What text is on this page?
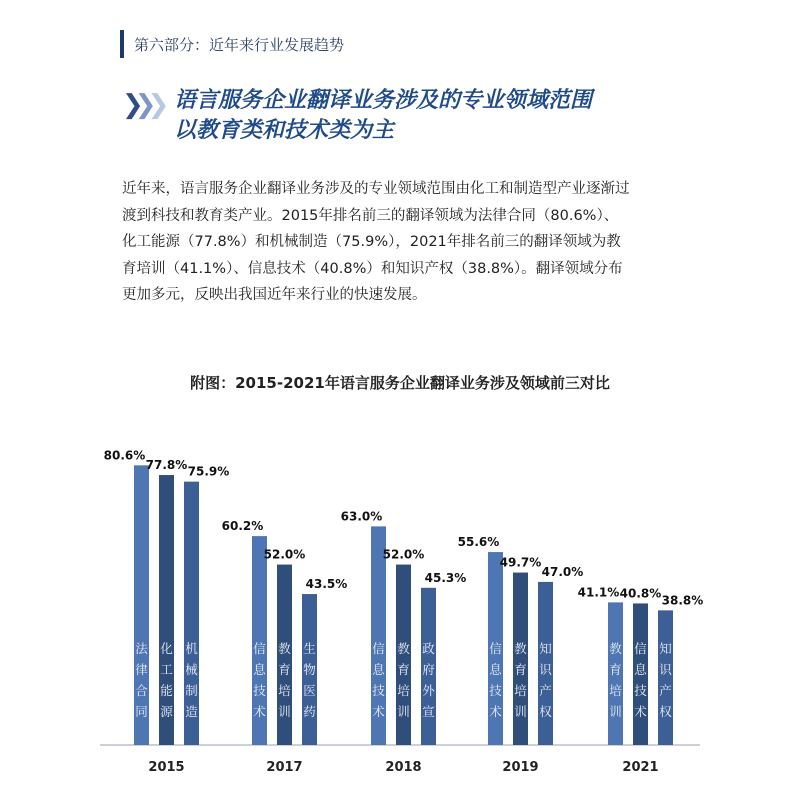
第六部分：近年来行业发展趋势
❯❯❯ 语言服务企业翻译业务涉及的专业领域范围
以教育类和技术类为主
近年来，语言服务企业翻译业务涉及的专业领域范围由化工和制造型产业逐渐过
渡到科技和教育类产业。2015年排名前三的翻译领域为法律合同（80.6%）、
化工能源（77.8%）和机械制造（75.9%），2021年排名前三的翻译领域为教
育培训（41.1%）、信息技术（40.8%）和知识产权（38.8%）。翻译领域分布
更加多元，反映出我国近年来行业的快速发展。
附图：2015-2021年语言服务企业翻译业务涉及领域前三对比
80.6%
法
律
合
同
77.8%
化
工
能
源
75.9%
机
械
制
造
2015
60.2%
信
息
技
术
52.0%
教
育
培
训
43.5%
生
物
医
药
2017
63.0%
信
息
技
术
52.0%
教
育
培
训
45.3%
政
府
外
宣
2018
55.6%
信
息
技
术
49.7%
教
育
培
训
47.0%
知
识
产
权
2019
41.1%
教
育
培
训
40.8%
信
息
技
术
38.8%
知
识
产
权
2021
